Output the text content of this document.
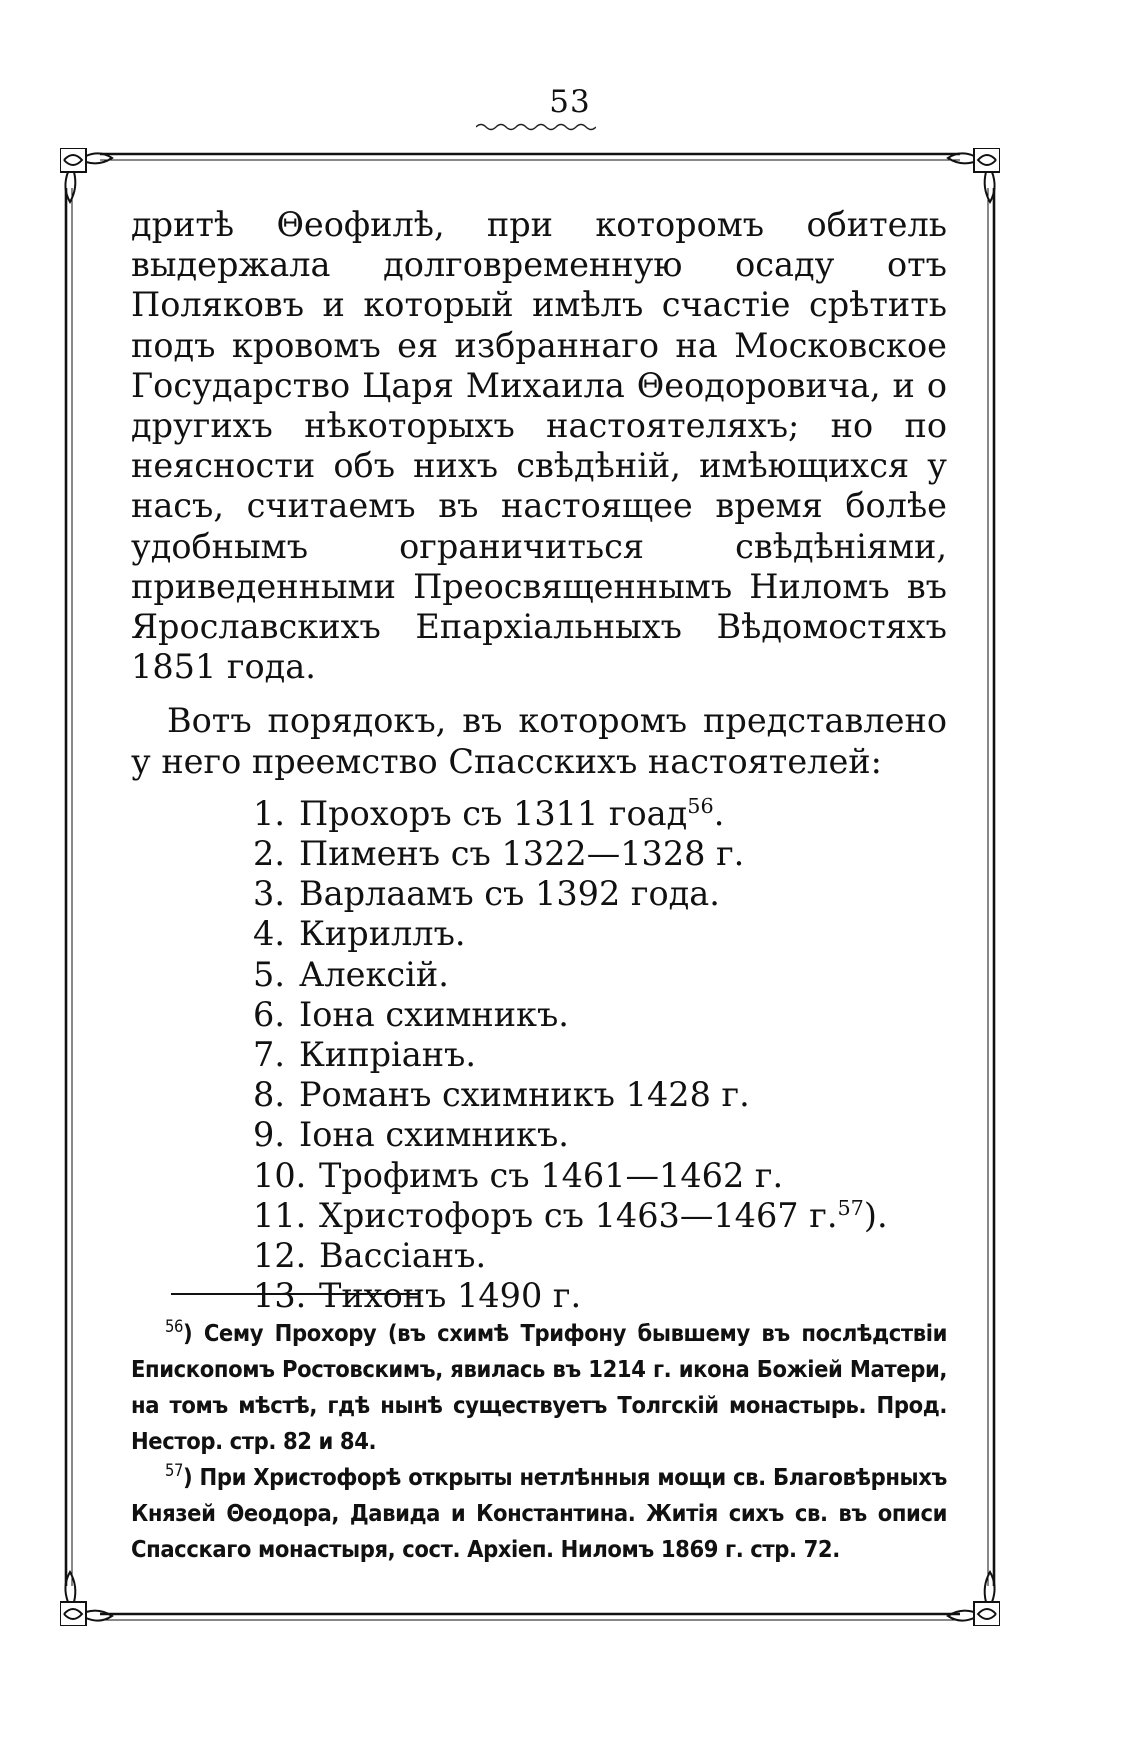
53

дритѣ Θеофилѣ, при которомъ обитель выдержала долговременную осаду отъ Поляковъ и который имѣлъ счастіе срѣтить подъ кровомъ ея избраннаго на Московское Государство Царя Михаила Θеодоровича, и о другихъ нѣкоторыхъ настоятеляхъ; но по неясности объ нихъ свѣдѣній, имѣющихся у насъ, считаемъ въ настоящее время болѣе удобнымъ ограничиться свѣдѣніями, приведенными Преосвященнымъ Ниломъ въ Ярославскихъ Епархіальныхъ Вѣдомостяхъ 1851 года.

Вотъ порядокъ, въ которомъ представлено у него преемство Спасскихъ настоятелей:

1. Прохоръ съ 1311 гоад$^{56}$.
2. Пименъ съ 1322—1328 г.
3. Варлаамъ съ 1392 года.
4. Кириллъ.
5. Алексій.
6. Іона схимникъ.
7. Кипріанъ.
8. Романъ схимникъ 1428 г.
9. Іона схимникъ.
10. Трофимъ съ 1461—1462 г.
11. Христофоръ съ 1463—1467 г.$^{57}$).
12. Вассіанъ.
13. Тихонъ 1490 г.

$^{56}$) Сему Прохору (въ схимѣ Трифону бывшему въ послѣдствіи Епископомъ Ростовскимъ, явилась въ 1214 г. икона Божіей Матери, на томъ мѣстѣ, гдѣ нынѣ существуетъ Толгскій монастырь. Прод. Нестор. стр. 82 и 84.

$^{57}$) При Христофорѣ открыты нетлѣнныя мощи св. Благовѣрныхъ Князей Θеодора, Давида и Константина. Житія сихъ св. въ описи Спасскаго монастыря, сост. Архіеп. Ниломъ 1869 г. стр. 72.
